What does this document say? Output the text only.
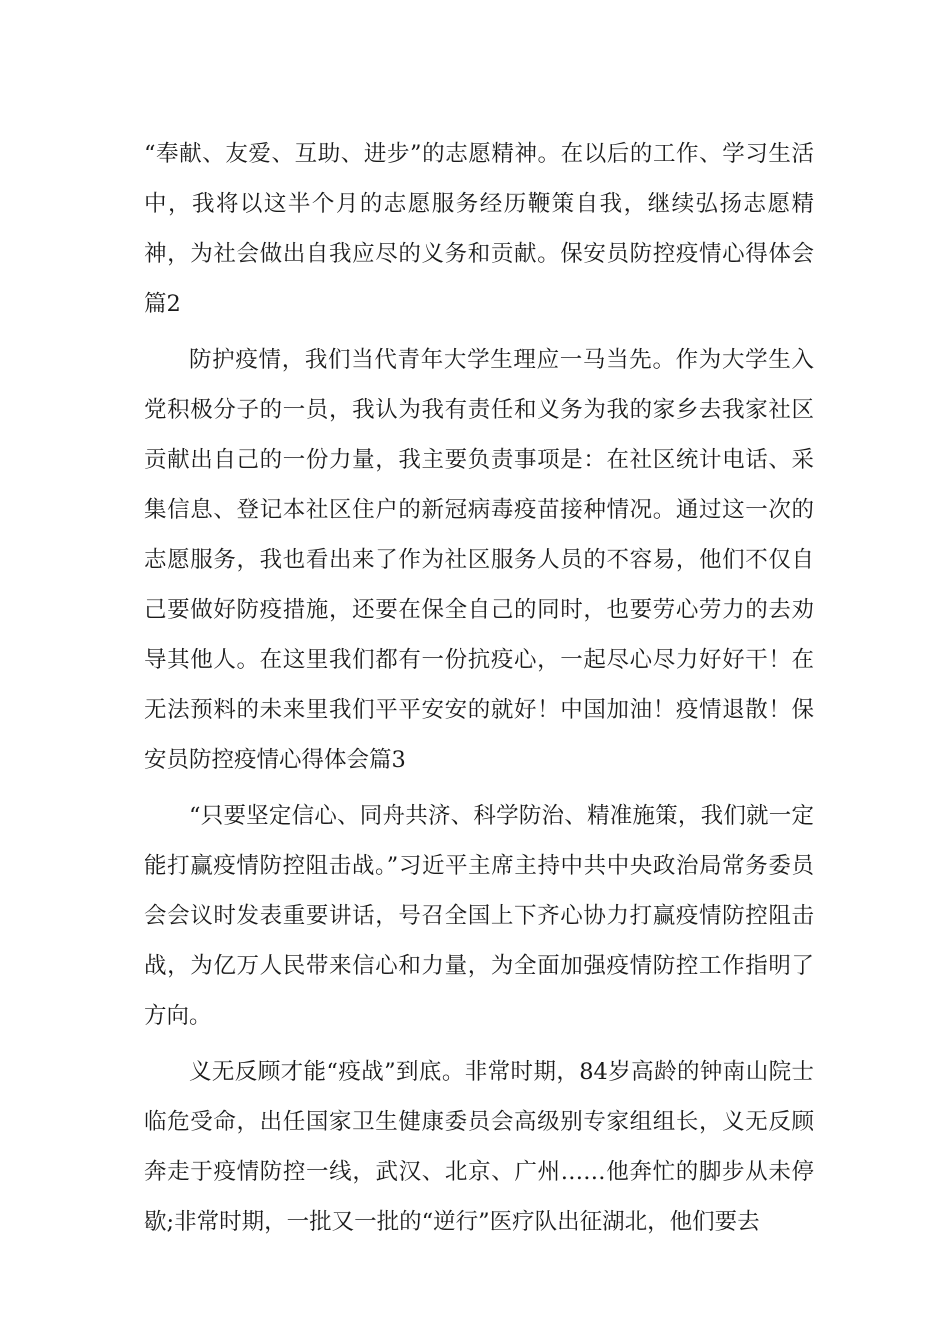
“奉献、友爱、互助、进步”的志愿精神。在以后的工作、学习生活中，我将以这半个月的志愿服务经历鞭策自我，继续弘扬志愿精神，为社会做出自我应尽的义务和贡献。保安员防控疫情心得体会篇2

防护疫情，我们当代青年大学生理应一马当先。作为大学生入党积极分子的一员，我认为我有责任和义务为我的家乡去我家社区贡献出自己的一份力量，我主要负责事项是：在社区统计电话、采集信息、登记本社区住户的新冠病毒疫苗接种情况。通过这一次的志愿服务，我也看出来了作为社区服务人员的不容易，他们不仅自己要做好防疫措施，还要在保全自己的同时，也要劳心劳力的去劝导其他人。在这里我们都有一份抗疫心，一起尽心尽力好好干！在无法预料的未来里我们平平安安的就好！中国加油！疫情退散！保安员防控疫情心得体会篇3

“只要坚定信心、同舟共济、科学防治、精准施策，我们就一定能打赢疫情防控阻击战。”习近平主席主持中共中央政治局常务委员会会议时发表重要讲话，号召全国上下齐心协力打赢疫情防控阻击战，为亿万人民带来信心和力量，为全面加强疫情防控工作指明了方向。

义无反顾才能“疫战”到底。非常时期，84岁高龄的钟南山院士临危受命，出任国家卫生健康委员会高级别专家组组长，义无反顾奔走于疫情防控一线，武汉、北京、广州……他奔忙的脚步从未停歇;非常时期，一批又一批的“逆行”医疗队出征湖北，他们要去
